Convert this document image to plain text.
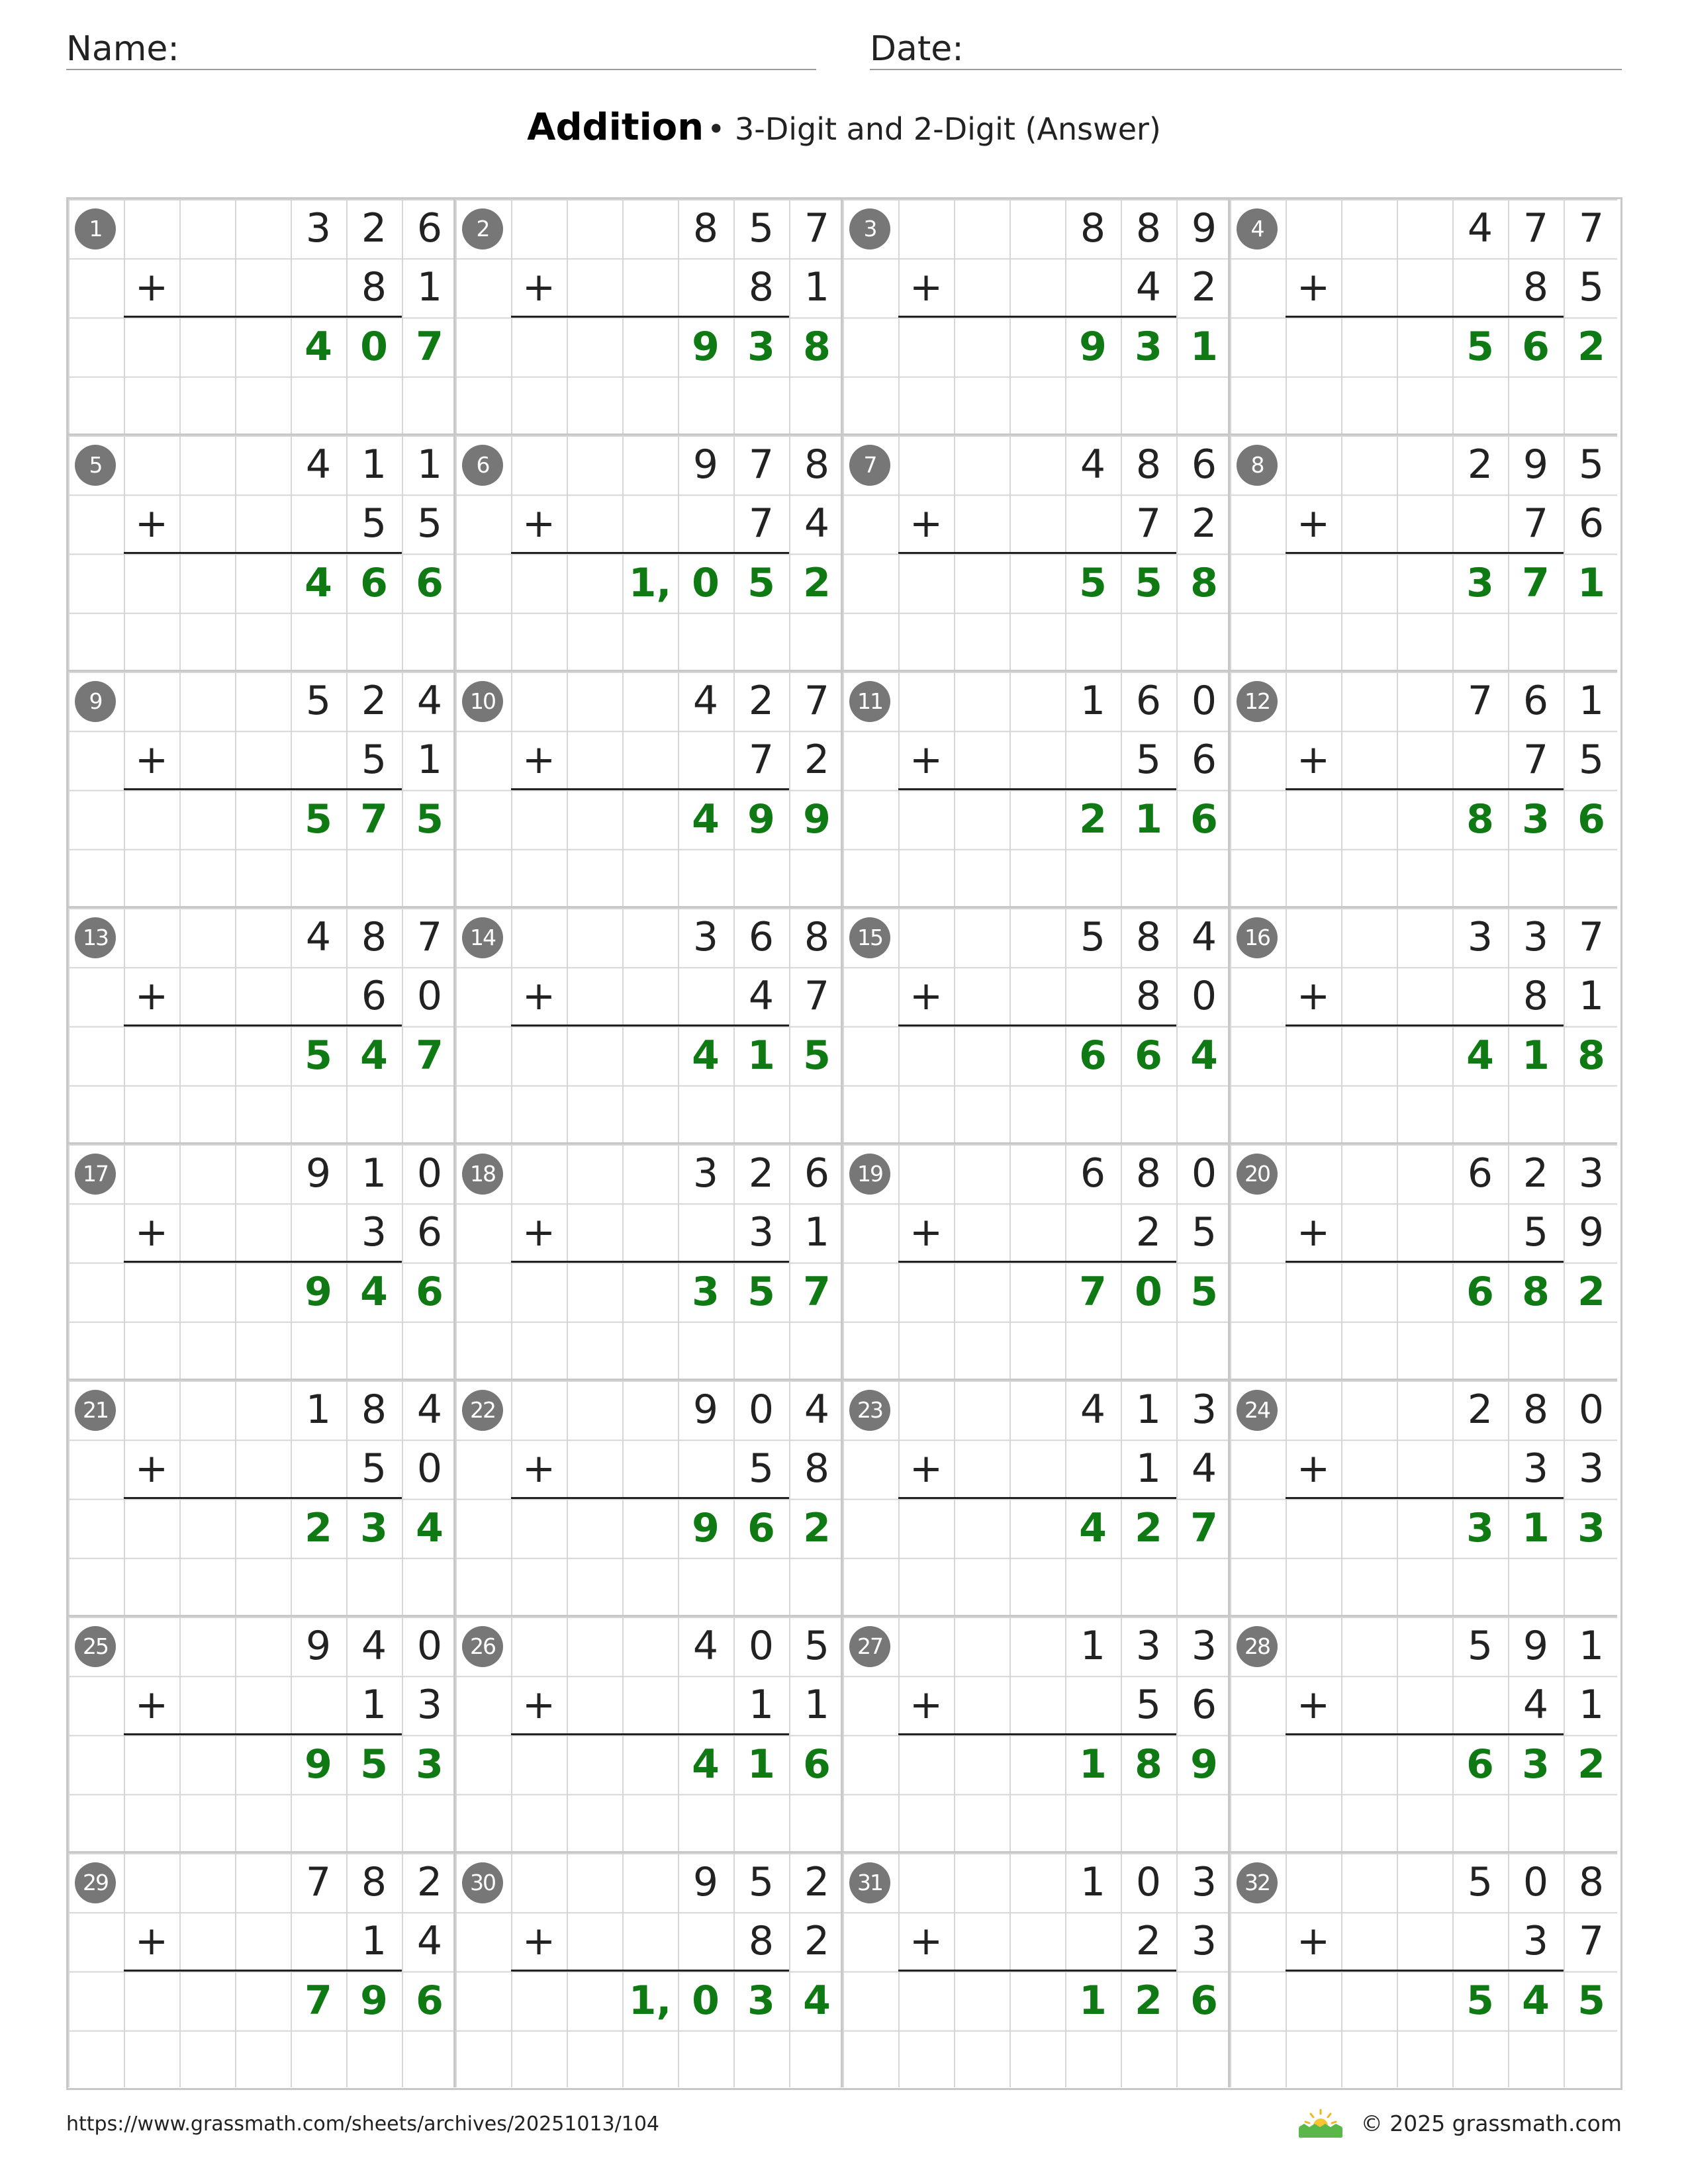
Name:	Date:
Addition • 3-Digit and 2-Digit (Answer)
1	3 2 6
8 1
+
4 0 7
2	8 5 7
8 1
+
9 3 8
3	8 8 9
4 2
+
9 3 1
4	4 7 7
8 5
+
5 6 2
5	4 1 1
5 5
+
4 6 6
6	9 7 8
7 4
+
1, 0 5 2
7	4 8 6
7 2
+
5 5 8
8	2 9 5
7 6
+
3 7 1
9	5 2 4
5 1
+
5 7 5
10	4 2 7
7 2
+
4 9 9
11	1 6 0
5 6
+
2 1 6
12	7 6 1
7 5
+
8 3 6
13	4 8 7
6 0
+
5 4 7
14	3 6 8
4 7
+
4 1 5
15	5 8 4
8 0
+
6 6 4
16	3 3 7
8 1
+
4 1 8
17	9 1 0
3 6
+
9 4 6
18	3 2 6
3 1
+
3 5 7
19	6 8 0
2 5
+
7 0 5
20	6 2 3
5 9
+
6 8 2
21	1 8 4
5 0
+
2 3 4
22	9 0 4
5 8
+
9 6 2
23	4 1 3
1 4
+
4 2 7
24	2 8 0
3 3
+
3 1 3
25	9 4 0
1 3
+
9 5 3
26	4 0 5
1 1
+
4 1 6
27	1 3 3
5 6
+
1 8 9
28	5 9 1
4 1
+
6 3 2
29	7 8 2
1 4
+
7 9 6
30	9 5 2
8 2
+
1, 0 3 4
31	1 0 3
2 3
+
1 2 6
32	5 0 8
3 7
+
5 4 5
https://www.grassmath.com/sheets/archives/20251013/104	© 2025 grassmath.com
